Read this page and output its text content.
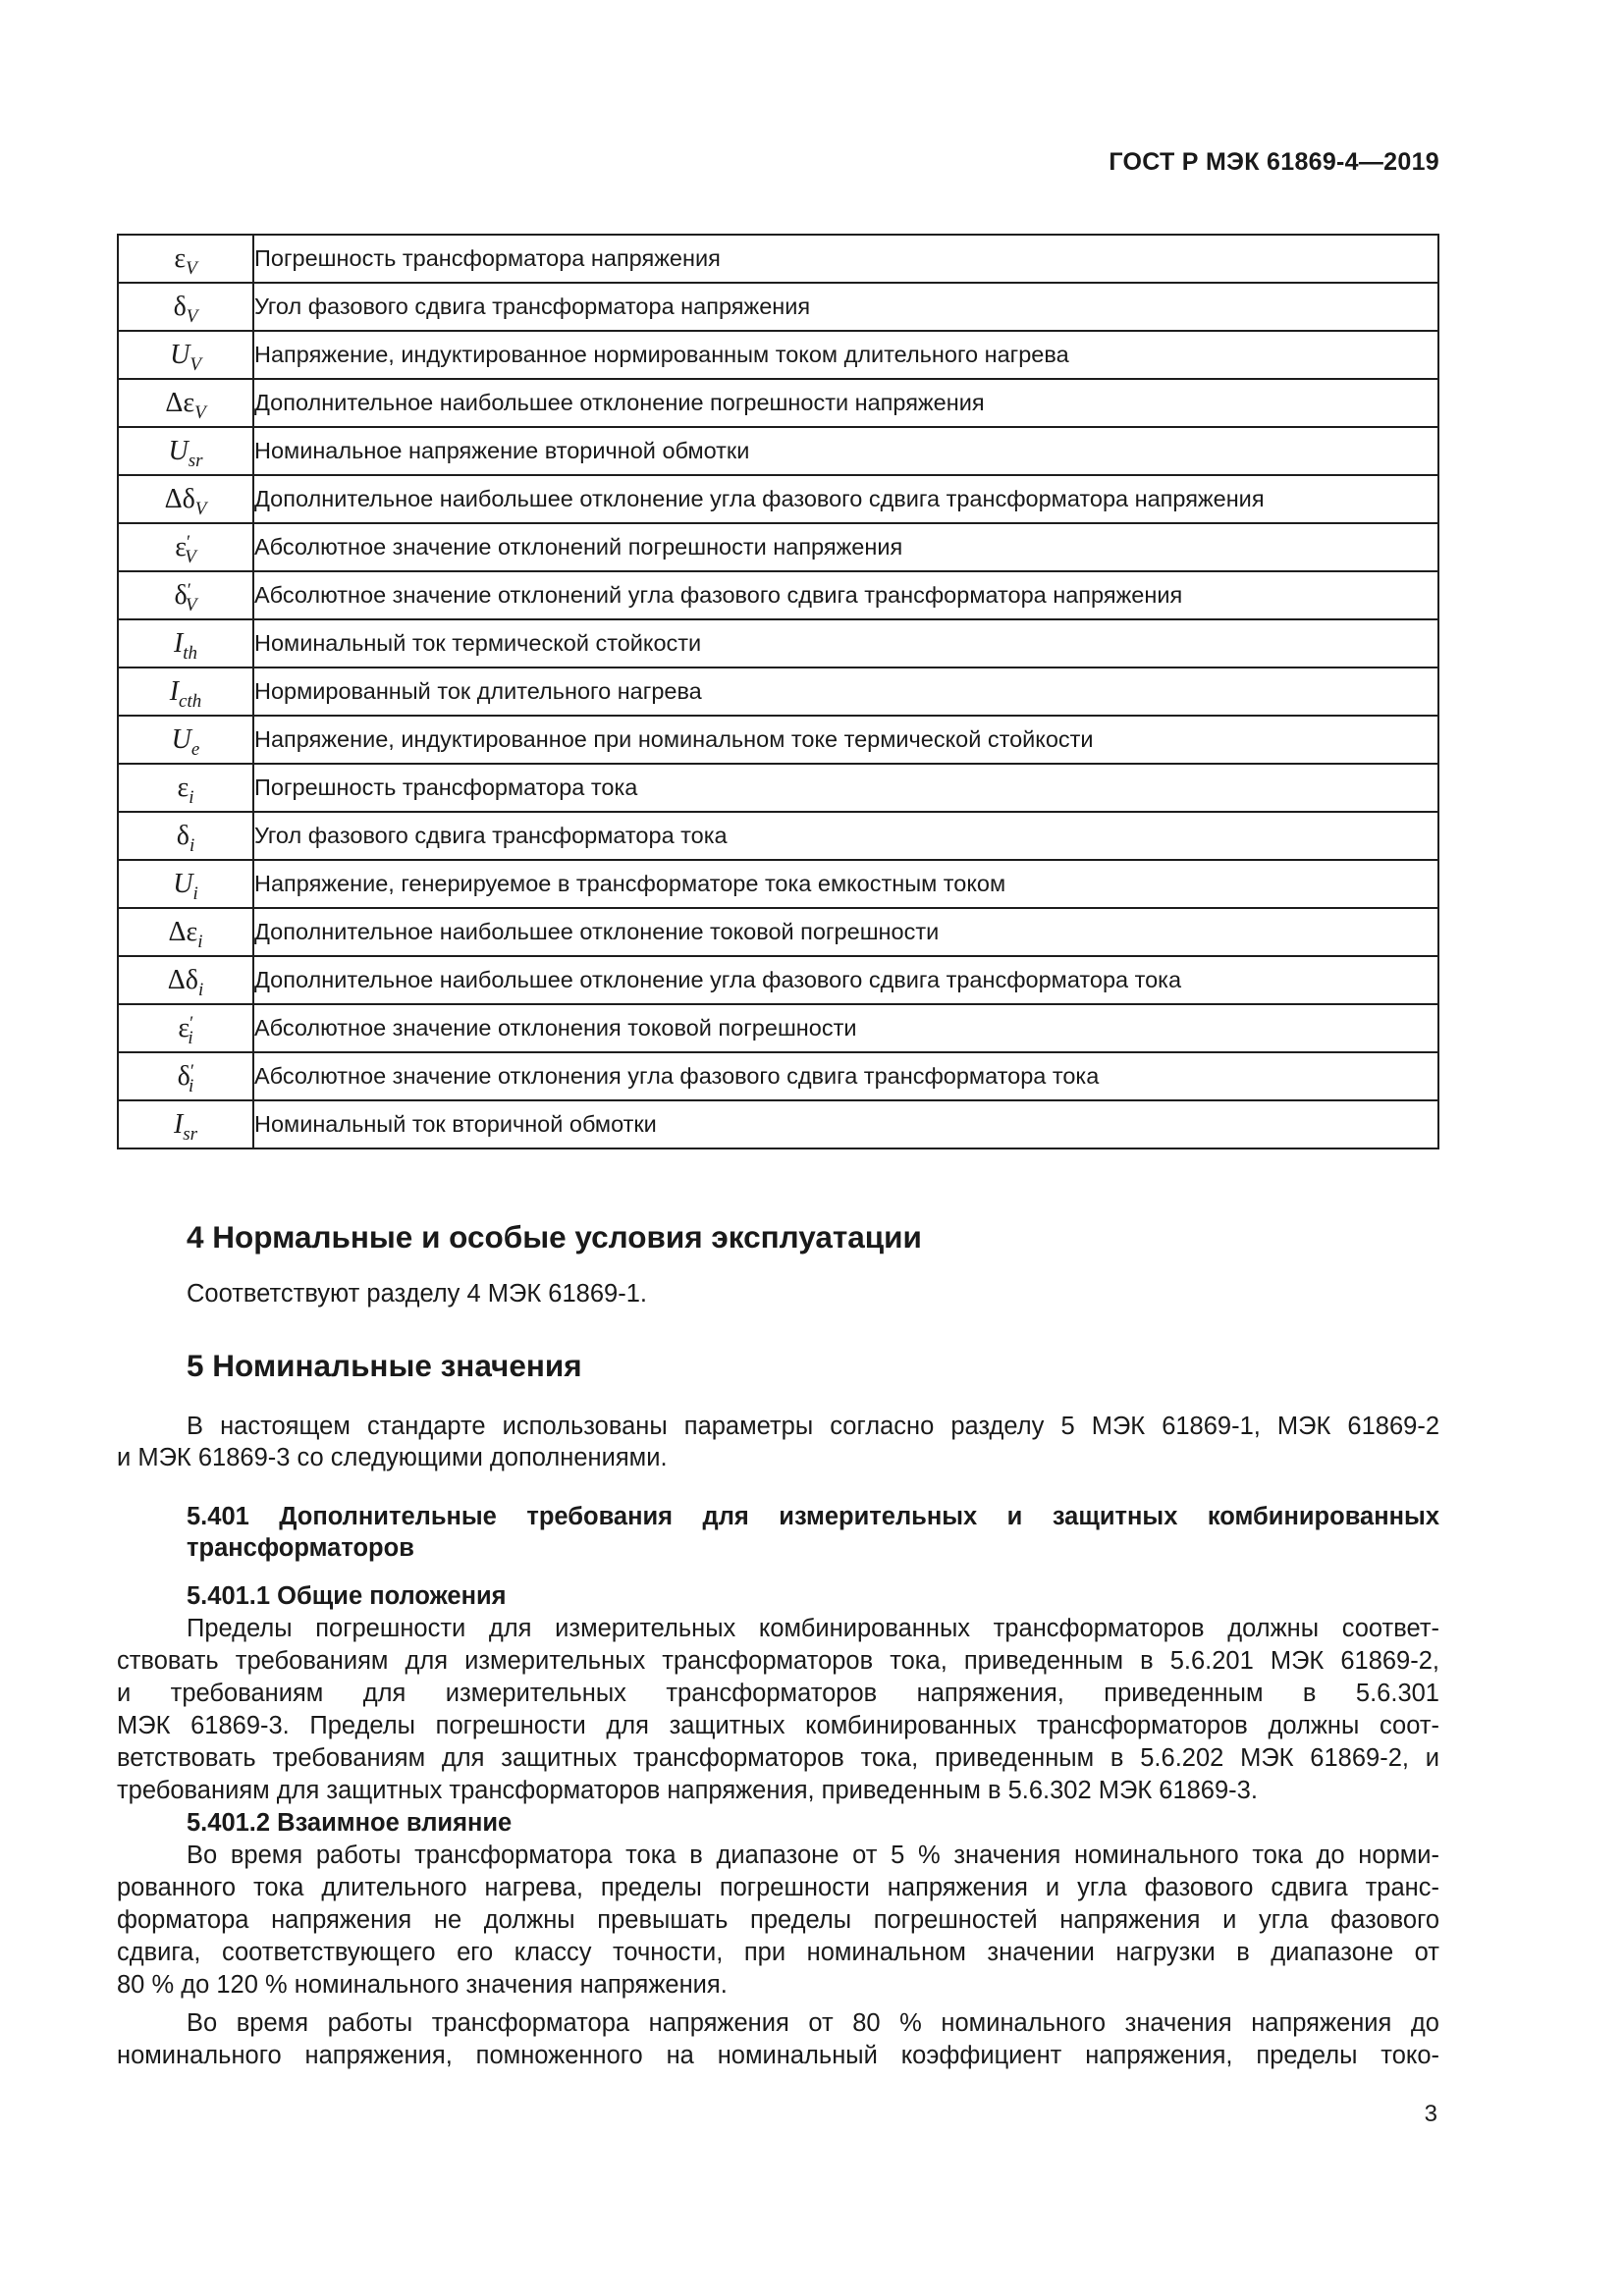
ГОСТ Р МЭК 61869-4—2019
$\varepsilon_V$	Погрешность трансформатора напряжения
$\delta_V$	Угол фазового сдвига трансформатора напряжения
$U_V$	Напряжение, индуктированное нормированным током длительного нагрева
$\Delta\varepsilon_V$	Дополнительное наибольшее отклонение погрешности напряжения
$U_{sr}$	Номинальное напряжение вторичной обмотки
$\Delta\delta_V$	Дополнительное наибольшее отклонение угла фазового сдвига трансформатора напряжения
$\varepsilon'_V$	Абсолютное значение отклонений погрешности напряжения
$\delta'_V$	Абсолютное значение отклонений угла фазового сдвига трансформатора напряжения
$I_{th}$	Номинальный ток термической стойкости
$I_{cth}$	Нормированный ток длительного нагрева
$U_e$	Напряжение, индуктированное при номинальном токе термической стойкости
$\varepsilon_i$	Погрешность трансформатора тока
$\delta_i$	Угол фазового сдвига трансформатора тока
$U_i$	Напряжение, генерируемое в трансформаторе тока емкостным током
$\Delta\varepsilon_i$	Дополнительное наибольшее отклонение токовой погрешности
$\Delta\delta_i$	Дополнительное наибольшее отклонение угла фазового сдвига трансформатора тока
$\varepsilon'_i$	Абсолютное значение отклонения токовой погрешности
$\delta'_i$	Абсолютное значение отклонения угла фазового сдвига трансформатора тока
$I_{sr}$	Номинальный ток вторичной обмотки
4 Нормальные и особые условия эксплуатации
Соответствуют разделу 4 МЭК 61869-1.
5 Номинальные значения
В настоящем стандарте использованы параметры согласно разделу 5 МЭК 61869-1, МЭК 61869-2
и МЭК 61869-3 со следующими дополнениями.
5.401 Дополнительные требования для измерительных и защитных комбинированных
трансформаторов
5.401.1 Общие положения
Пределы погрешности для измерительных комбинированных трансформаторов должны соответ-
ствовать требованиям для измерительных трансформаторов тока, приведенным в 5.6.201 МЭК 61869-2,
и требованиям для измерительных трансформаторов напряжения, приведенным в 5.6.301
МЭК 61869-3. Пределы погрешности для защитных комбинированных трансформаторов должны соот-
ветствовать требованиям для защитных трансформаторов тока, приведенным в 5.6.202 МЭК 61869-2, и
требованиям для защитных трансформаторов напряжения, приведенным в 5.6.302 МЭК 61869-3.
5.401.2 Взаимное влияние
Во время работы трансформатора тока в диапазоне от 5 % значения номинального тока до норми-
рованного тока длительного нагрева, пределы погрешности напряжения и угла фазового сдвига транс-
форматора напряжения не должны превышать пределы погрешностей напряжения и угла фазового
сдвига, соответствующего его классу точности, при номинальном значении нагрузки в диапазоне от
80 % до 120 % номинального значения напряжения.
Во время работы трансформатора напряжения от 80 % номинального значения напряжения до
номинального напряжения, помноженного на номинальный коэффициент напряжения, пределы токо-
3
